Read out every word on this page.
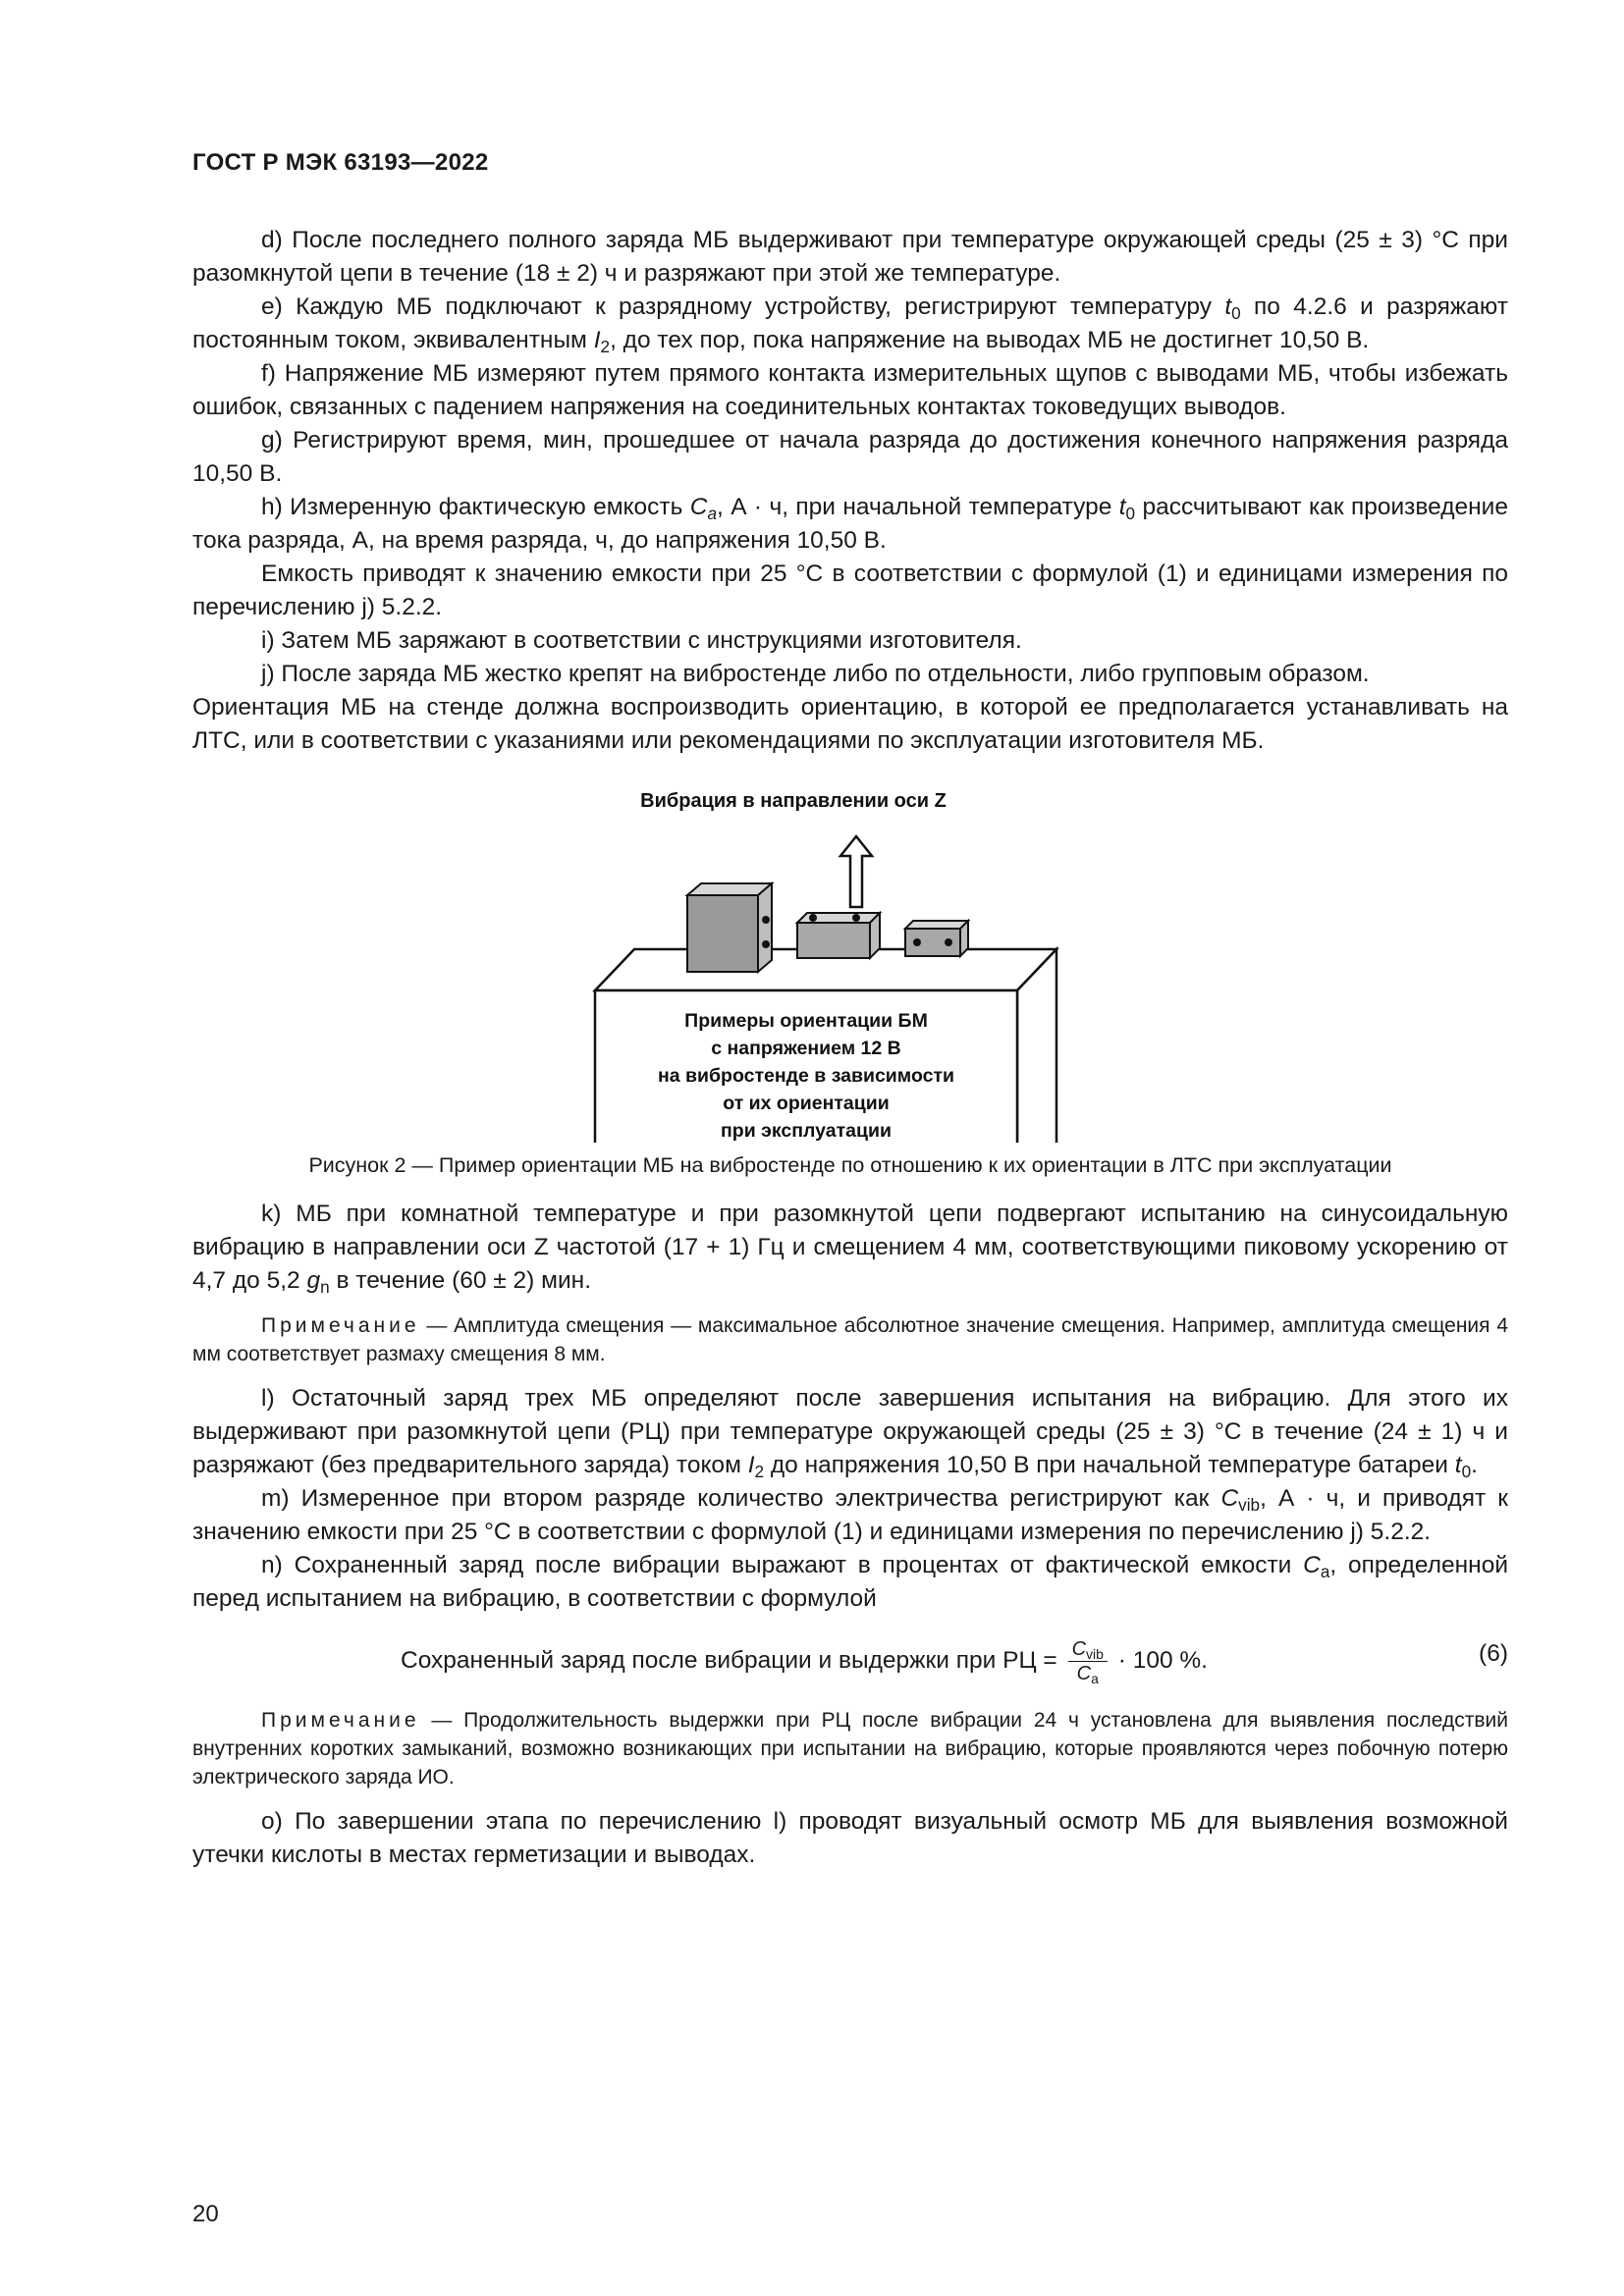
ГОСТ Р МЭК 63193—2022

d) После последнего полного заряда МБ выдерживают при температуре окружающей среды (25 ± 3) °С при разомкнутой цепи в течение (18 ± 2) ч и разряжают при этой же температуре.

e) Каждую МБ подключают к разрядному устройству, регистрируют температуру $t_0$ по 4.2.6 и разряжают постоянным током, эквивалентным $I_2$, до тех пор, пока напряжение на выводах МБ не достигнет 10,50 В.

f) Напряжение МБ измеряют путем прямого контакта измерительных щупов с выводами МБ, чтобы избежать ошибок, связанных с падением напряжения на соединительных контактах токоведущих выводов.

g) Регистрируют время, мин, прошедшее от начала разряда до достижения конечного напряжения разряда 10,50 В.

h) Измеренную фактическую емкость $C_a$, А · ч, при начальной температуре $t_0$ рассчитывают как произведение тока разряда, А, на время разряда, ч, до напряжения 10,50 В.

Емкость приводят к значению емкости при 25 °С в соответствии с формулой (1) и единицами измерения по перечислению j) 5.2.2.

i) Затем МБ заряжают в соответствии с инструкциями изготовителя.

j) После заряда МБ жестко крепят на вибростенде либо по отдельности, либо групповым образом.

Ориентация МБ на стенде должна воспроизводить ориентацию, в которой ее предполагается устанавливать на ЛТС, или в соответствии с указаниями или рекомендациями по эксплуатации изготовителя МБ.

Вибрация в направлении оси Z
Примеры ориентации БМ
с напряжением 12 В
на вибростенде в зависимости
от их ориентации
при эксплуатации

Рисунок 2 — Пример ориентации МБ на вибростенде по отношению к их ориентации в ЛТС при эксплуатации

k) МБ при комнатной температуре и при разомкнутой цепи подвергают испытанию на синусоидальную вибрацию в направлении оси Z частотой (17 + 1) Гц и смещением 4 мм, соответствующими пиковому ускорению от 4,7 до 5,2 $g_n$ в течение (60 ± 2) мин.

Примечание — Амплитуда смещения — максимальное абсолютное значение смещения. Например, амплитуда смещения 4 мм соответствует размаху смещения 8 мм.

l) Остаточный заряд трех МБ определяют после завершения испытания на вибрацию. Для этого их выдерживают при разомкнутой цепи (РЦ) при температуре окружающей среды (25 ± 3) °С в течение (24 ± 1) ч и разряжают (без предварительного заряда) током $I_2$ до напряжения 10,50 В при начальной температуре батареи $t_0$.

m) Измеренное при втором разряде количество электричества регистрируют как $C_{vib}$, А · ч, и приводят к значению емкости при 25 °С в соответствии с формулой (1) и единицами измерения по перечислению j) 5.2.2.

n) Сохраненный заряд после вибрации выражают в процентах от фактической емкости $C_a$, определенной перед испытанием на вибрацию, в соответствии с формулой

Сохраненный заряд после вибрации и выдержки при РЦ = $\frac{C_{vib}}{C_a} \cdot 100$ %.	(6)

Примечание — Продолжительность выдержки при РЦ после вибрации 24 ч установлена для выявления последствий внутренних коротких замыканий, возможно возникающих при испытании на вибрацию, которые проявляются через побочную потерю электрического заряда ИО.

o) По завершении этапа по перечислению l) проводят визуальный осмотр МБ для выявления возможной утечки кислоты в местах герметизации и выводах.

20
